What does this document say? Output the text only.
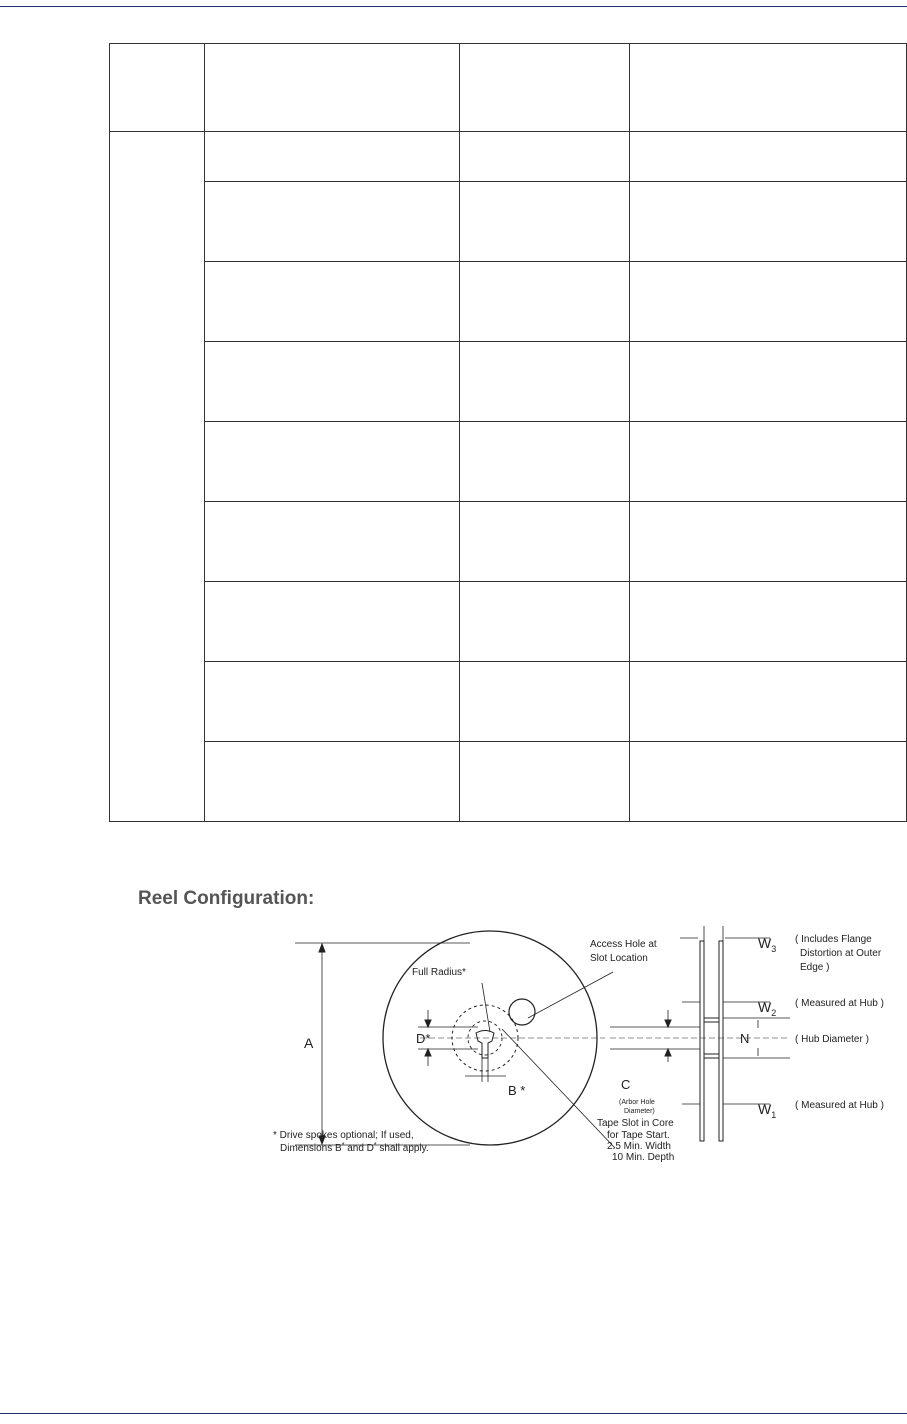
Reel Configuration:
A	D*
B *
Full Radius*
Access Hole at
Slot Location
C
(Arbor Hole
Diameter)
Tape Slot in Core
for Tape Start.
2.5 Min. Width
10 Min. Depth
N
$W_3$
$W_2$
$W_1$
( Includes Flange
Distortion at Outer
Edge )
( Measured at Hub )
( Hub Diameter )
( Measured at Hub )
* Drive spokes optional; If used,
Dimensions B* and D* shall apply.
